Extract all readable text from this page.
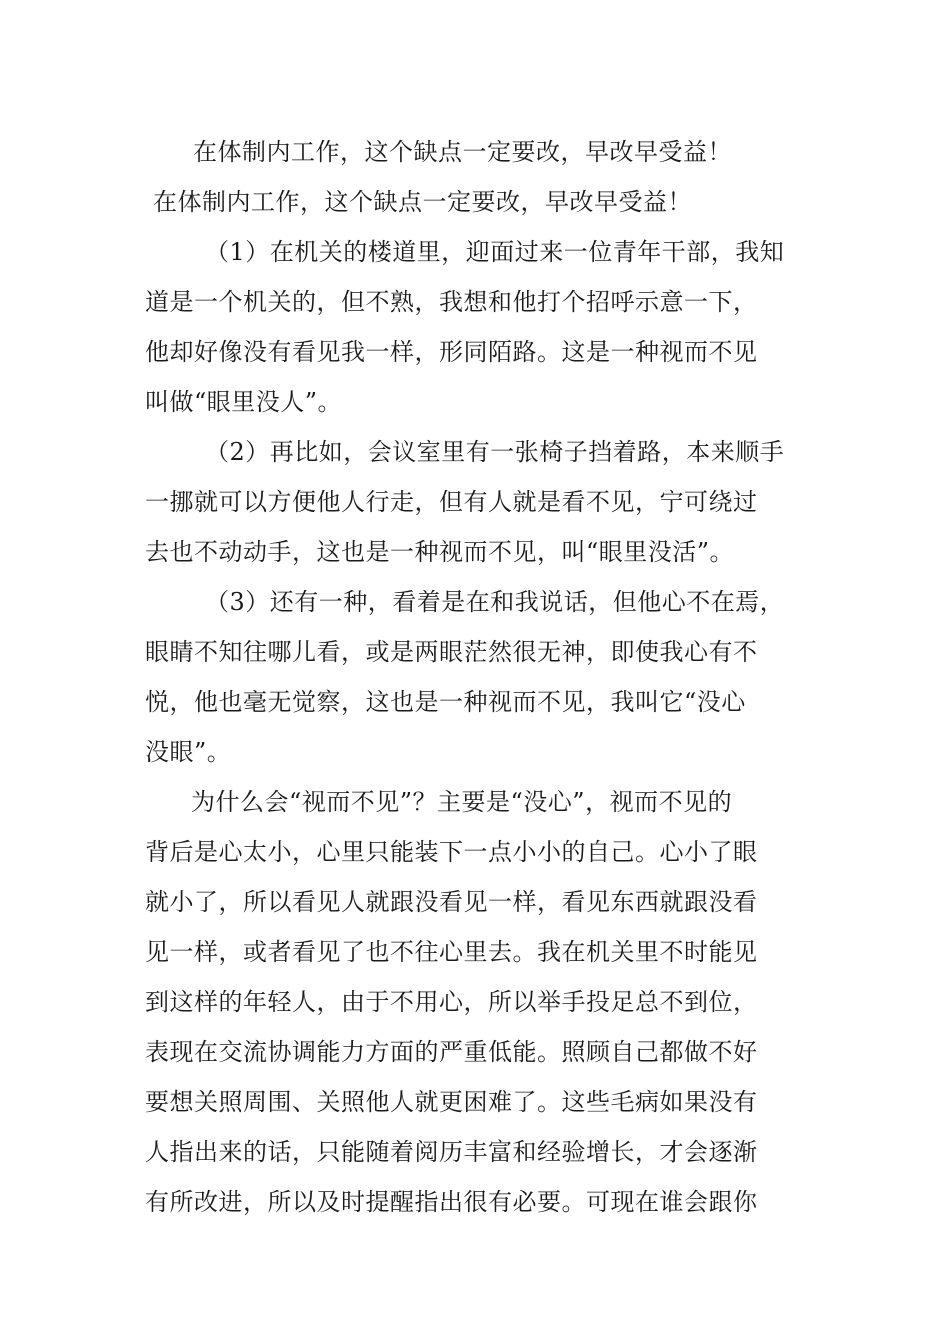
在体制内工作，这个缺点一定要改，早改早受益！
在体制内工作，这个缺点一定要改，早改早受益！
（1）在机关的楼道里，迎面过来一位青年干部，我知
道是一个机关的，但不熟，我想和他打个招呼示意一下，
他却好像没有看见我一样，形同陌路。这是一种视而不见
叫做“眼里没人”。
（2）再比如，会议室里有一张椅子挡着路，本来顺手
一挪就可以方便他人行走，但有人就是看不见，宁可绕过
去也不动动手，这也是一种视而不见，叫“眼里没活”。
（3）还有一种，看着是在和我说话，但他心不在焉，
眼睛不知往哪儿看，或是两眼茫然很无神，即使我心有不
悦，他也毫无觉察，这也是一种视而不见，我叫它“没心
没眼”。
为什么会“视而不见”？主要是“没心”，视而不见的
背后是心太小，心里只能装下一点小小的自己。心小了眼
就小了，所以看见人就跟没看见一样，看见东西就跟没看
见一样，或者看见了也不往心里去。我在机关里不时能见
到这样的年轻人，由于不用心，所以举手投足总不到位，
表现在交流协调能力方面的严重低能。照顾自己都做不好
要想关照周围、关照他人就更困难了。这些毛病如果没有
人指出来的话，只能随着阅历丰富和经验增长，才会逐渐
有所改进，所以及时提醒指出很有必要。可现在谁会跟你
